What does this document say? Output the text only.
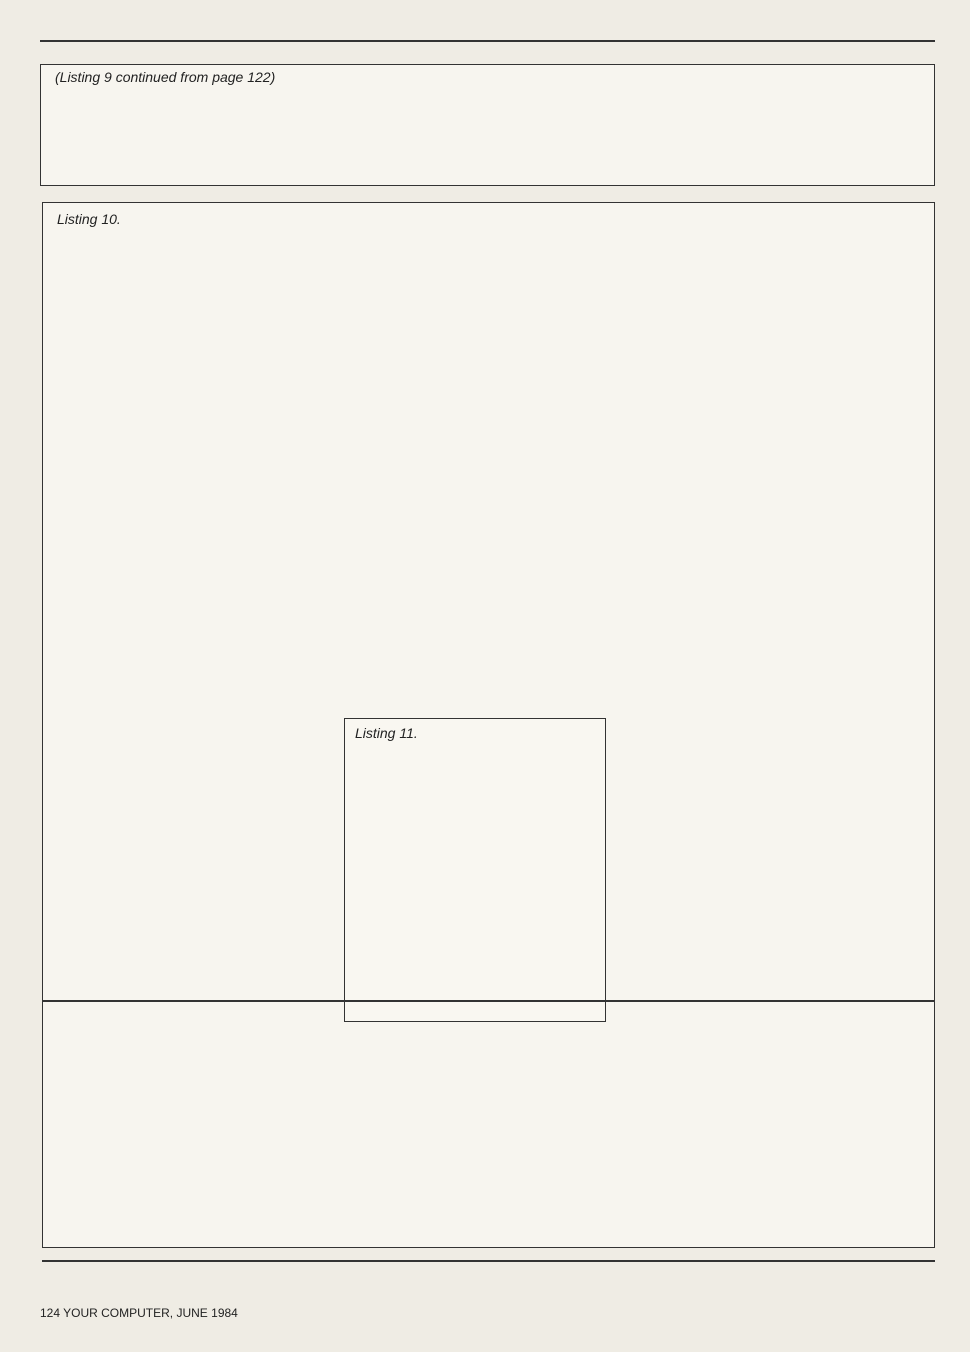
(Listing 9 continued from page 122)
Listing 10.
Listing 11.
124 YOUR COMPUTER, JUNE 1984
